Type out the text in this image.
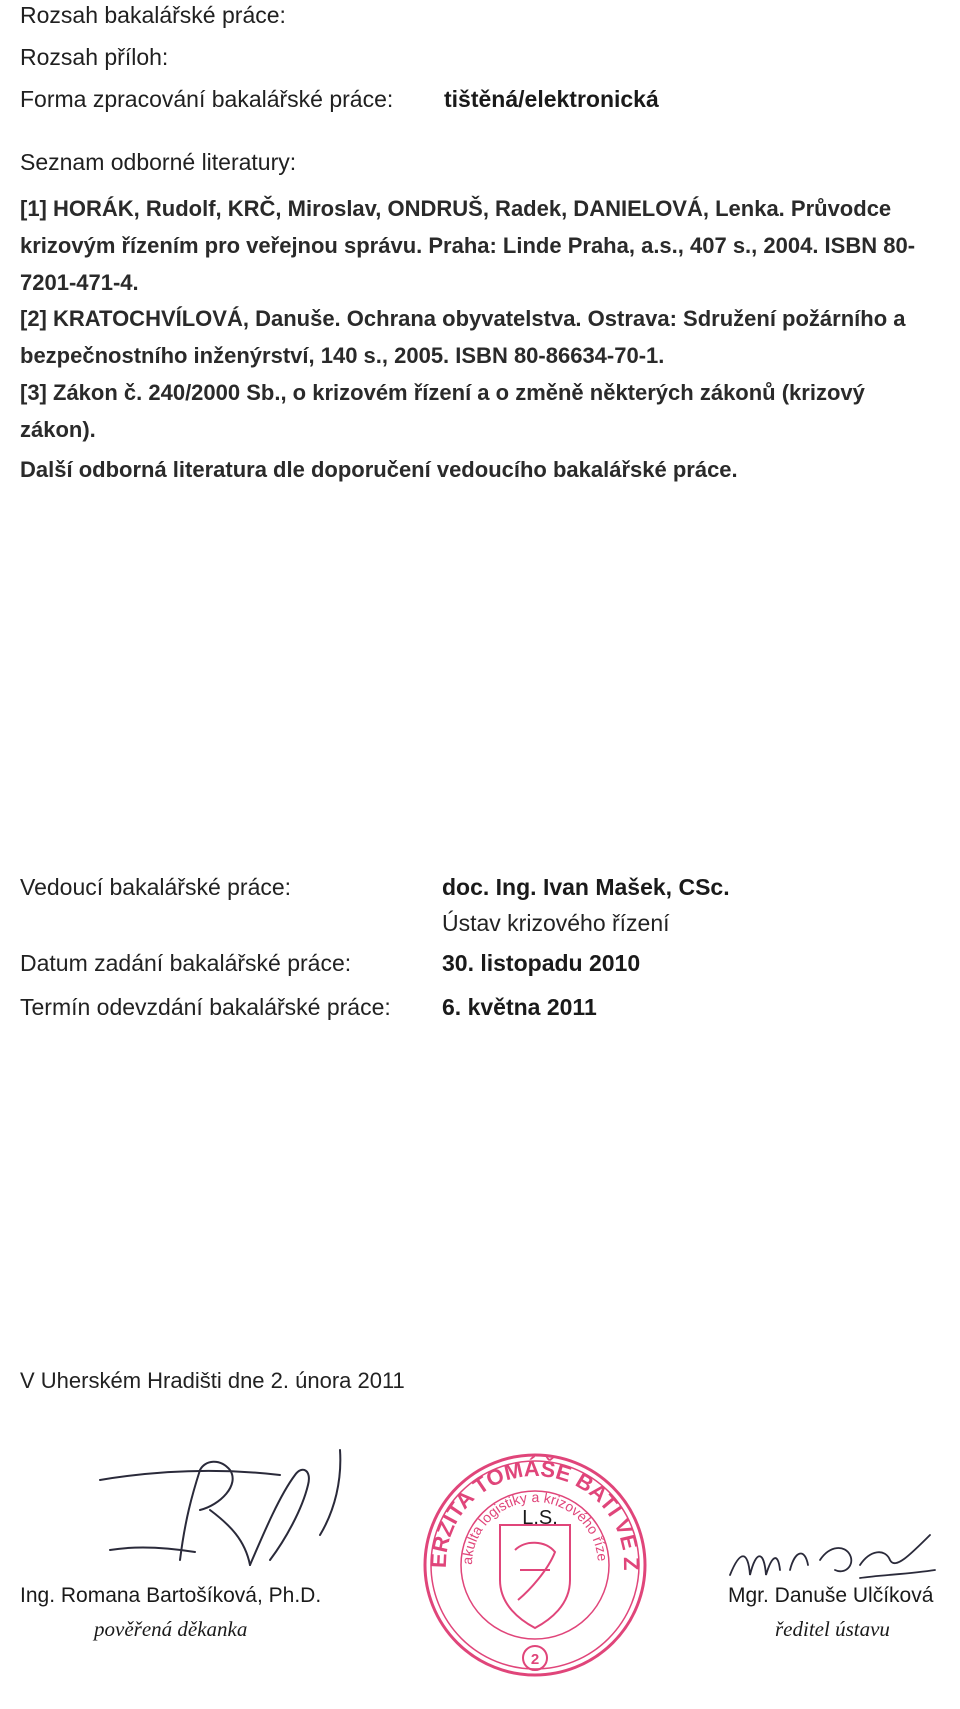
Rozsah bakalářské práce:
Rozsah příloh:
Forma zpracování bakalářské práce: tištěná/elektronická
Seznam odborné literatury:
[1] HORÁK, Rudolf, KRČ, Miroslav, ONDRUŠ, Radek, DANIELOVÁ, Lenka. Průvodce krizovým řízením pro veřejnou správu. Praha: Linde Praha, a.s., 407 s., 2004. ISBN 80-7201-471-4.
[2] KRATOCHVÍLOVÁ, Danuše. Ochrana obyvatelstva. Ostrava: Sdružení požárního a bezpečnostního inženýrství, 140 s., 2005. ISBN 80-86634-70-1.
[3] Zákon č. 240/2000 Sb., o krizovém řízení a o změně některých zákonů (krizový zákon).
Další odborná literatura dle doporučení vedoucího bakalářské práce.
Vedoucí bakalářské práce:	doc. Ing. Ivan Mašek, CSc.
Ústav krizového řízení
Datum zadání bakalářské práce:	30. listopadu 2010
Termín odevzdání bakalářské práce: 6. května 2011
V Uherském Hradišti dne 2. února 2011
Ing. Romana Bartošíková, Ph.D.
pověřená děkanka
ERZITA TOMÁŠE BATI VE Z
akulta logistiky a krizového říze
L.S.
2
Mgr. Danuše Ulčíková
ředitel ústavu
